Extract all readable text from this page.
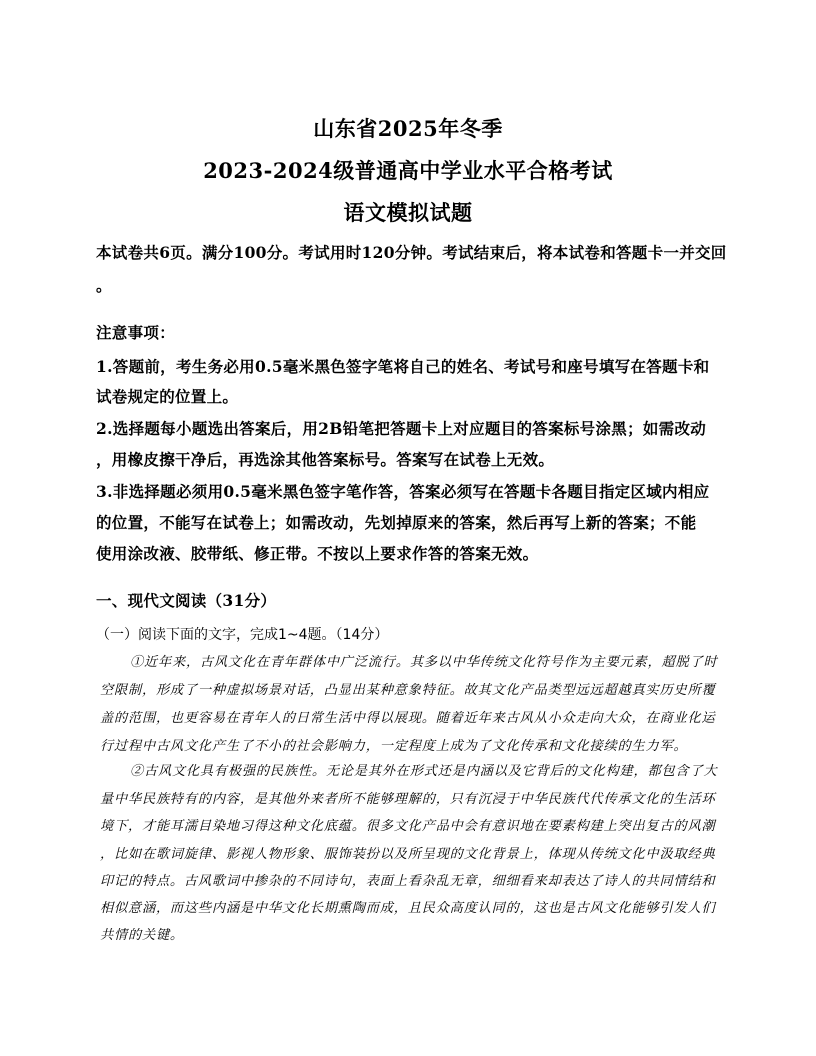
山东省2025年冬季
2023-2024级普通高中学业水平合格考试
语文模拟试题
本试卷共6页。满分100分。考试用时120分钟。考试结束后，将本试卷和答题卡一并交回
。
注意事项：
1.答题前，考生务必用0.5毫米黑色签字笔将自己的姓名、考试号和座号填写在答题卡和
试卷规定的位置上。
2.选择题每小题选出答案后，用2B铅笔把答题卡上对应题目的答案标号涂黑；如需改动
，用橡皮擦干净后，再选涂其他答案标号。答案写在试卷上无效。
3.非选择题必须用0.5毫米黑色签字笔作答，答案必须写在答题卡各题目指定区域内相应
的位置，不能写在试卷上；如需改动，先划掉原来的答案，然后再写上新的答案；不能
使用涂改液、胶带纸、修正带。不按以上要求作答的答案无效。
一、现代文阅读（31分）
（一）阅读下面的文字，完成1~4题。（14分）
①近年来，古风文化在青年群体中广泛流行。其多以中华传统文化符号作为主要元素，超脱了时
空限制，形成了一种虚拟场景对话，凸显出某种意象特征。故其文化产品类型远远超越真实历史所覆
盖的范围，也更容易在青年人的日常生活中得以展现。随着近年来古风从小众走向大众，在商业化运
行过程中古风文化产生了不小的社会影响力，一定程度上成为了文化传承和文化接续的生力军。
②古风文化具有极强的民族性。无论是其外在形式还是内涵以及它背后的文化构建，都包含了大
量中华民族特有的内容，是其他外来者所不能够理解的，只有沉浸于中华民族代代传承文化的生活环
境下，才能耳濡目染地习得这种文化底蕴。很多文化产品中会有意识地在要素构建上突出复古的风潮
，比如在歌词旋律、影视人物形象、服饰装扮以及所呈现的文化背景上，体现从传统文化中汲取经典
印记的特点。古风歌词中掺杂的不同诗句，表面上看杂乱无章，细细看来却表达了诗人的共同情结和
相似意涵，而这些内涵是中华文化长期熏陶而成，且民众高度认同的，这也是古风文化能够引发人们
共情的关键。
